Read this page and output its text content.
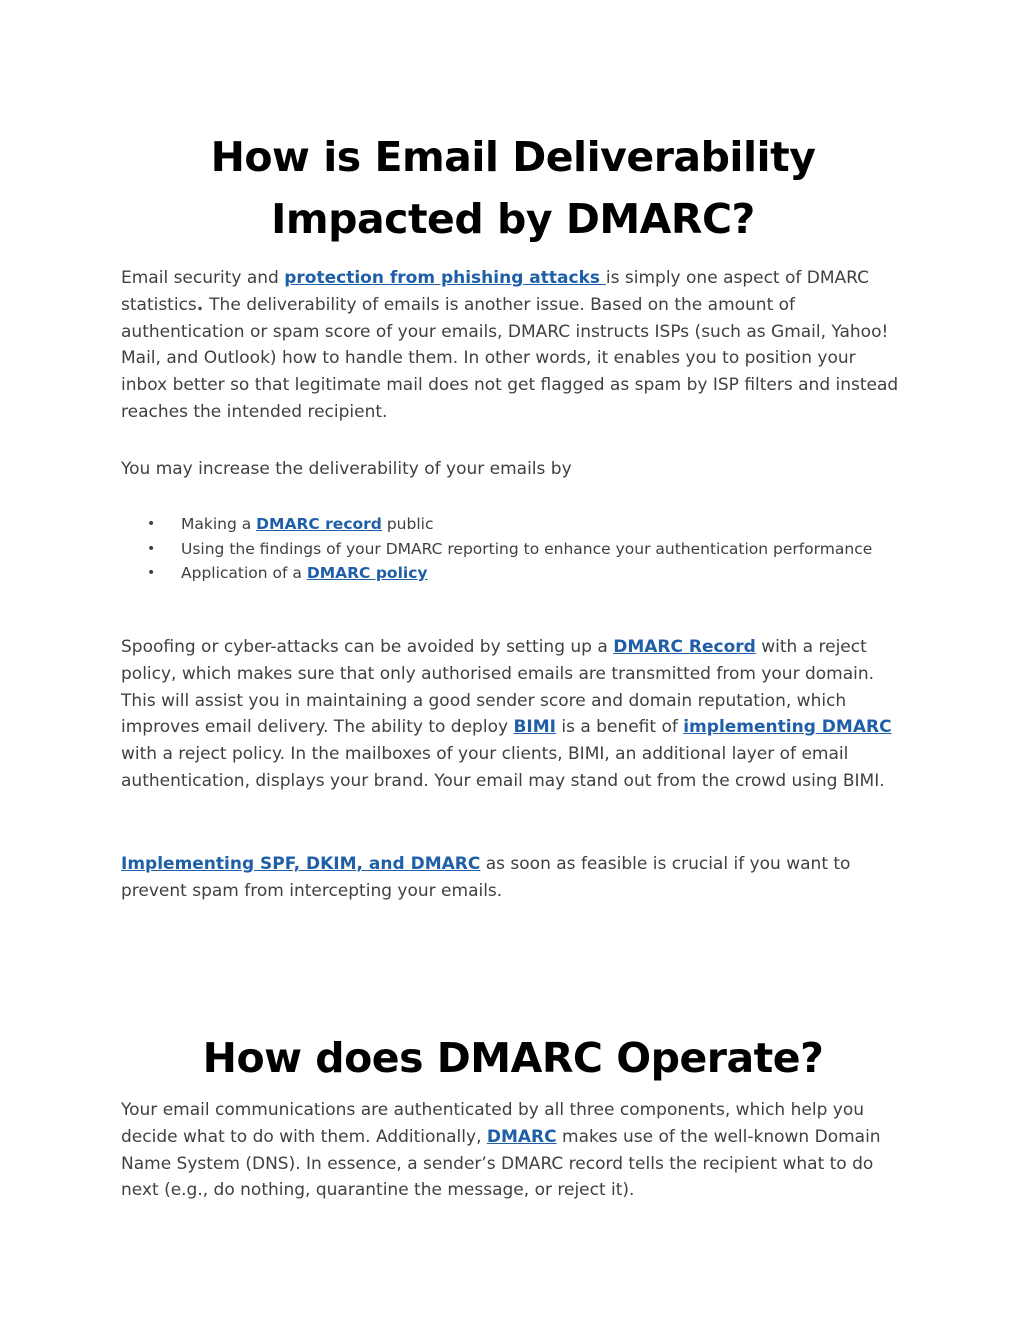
How is Email Deliverability
Impacted by DMARC?

Email security and protection from phishing attacks is simply one aspect of DMARC statistics. The deliverability of emails is another issue. Based on the amount of authentication or spam score of your emails, DMARC instructs ISPs (such as Gmail, Yahoo! Mail, and Outlook) how to handle them. In other words, it enables you to position your inbox better so that legitimate mail does not get flagged as spam by ISP filters and instead reaches the intended recipient.

You may increase the deliverability of your emails by

• Making a DMARC record public
• Using the findings of your DMARC reporting to enhance your authentication performance
• Application of a DMARC policy

Spoofing or cyber-attacks can be avoided by setting up a DMARC Record with a reject policy, which makes sure that only authorised emails are transmitted from your domain. This will assist you in maintaining a good sender score and domain reputation, which improves email delivery. The ability to deploy BIMI is a benefit of implementing DMARC with a reject policy. In the mailboxes of your clients, BIMI, an additional layer of email authentication, displays your brand. Your email may stand out from the crowd using BIMI.

Implementing SPF, DKIM, and DMARC as soon as feasible is crucial if you want to prevent spam from intercepting your emails.

How does DMARC Operate?

Your email communications are authenticated by all three components, which help you decide what to do with them. Additionally, DMARC makes use of the well-known Domain Name System (DNS). In essence, a sender’s DMARC record tells the recipient what to do next (e.g., do nothing, quarantine the message, or reject it).
